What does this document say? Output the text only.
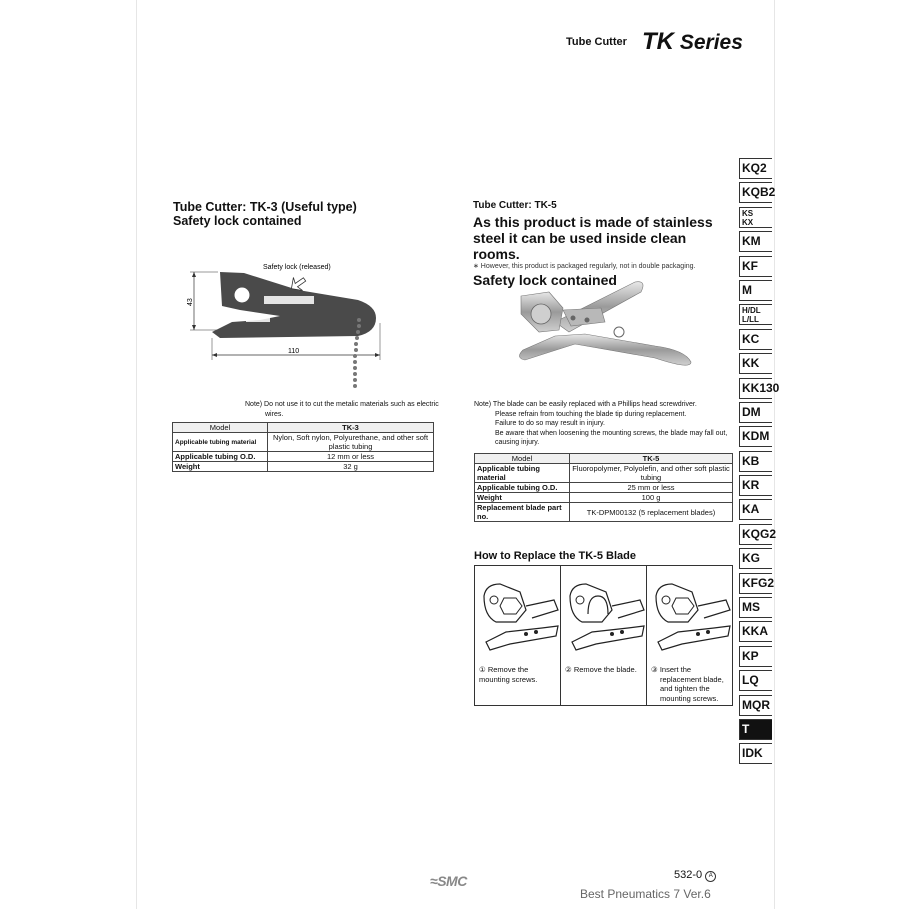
Tube Cutter TK Series
Tube Cutter: TK-3 (Useful type)
Safety lock contained
43
110
Safety lock (released)
Note) Do not use it to cut the metalic materials such as electric wires.
Model	TK-3
Applicable tubing material	Nylon, Soft nylon, Polyurethane, and other soft plastic tubing
Applicable tubing O.D.	12 mm or less
Weight	32 g
Tube Cutter: TK-5
As this product is made of stainless steel it can be used inside clean rooms.
∗ However, this product is packaged regularly, not in double packaging.
Safety lock contained
Note) The blade can be easily replaced with a Phillips head screwdriver.
Please refrain from touching the blade tip during replacement.
Failure to do so may result in injury.
Be aware that when loosening the mounting screws, the blade may fall out, causing injury.
Model	TK-5
Applicable tubing material	Fluoropolymer, Polyolefin, and other soft plastic tubing
Applicable tubing O.D.	25 mm or less
Weight	100 g
Replacement blade part no.	TK-DPM00132 (5 replacement blades)
How to Replace the TK-5 Blade
① Remove the mounting screws.
② Remove the blade.	③ Insert the replacement blade, and tighten the mounting screws.
KQ2
KQB2
KS
KX
KM
KF
M
H/DL
L/LL
KC
KK
KK130
DM
KDM
KB
KR
KA
KQG2
KG
KFG2
MS
KKA
KP
LQ
MQR
T
IDK
≈SMC	532-0 A
Best Pneumatics 7 Ver.6
